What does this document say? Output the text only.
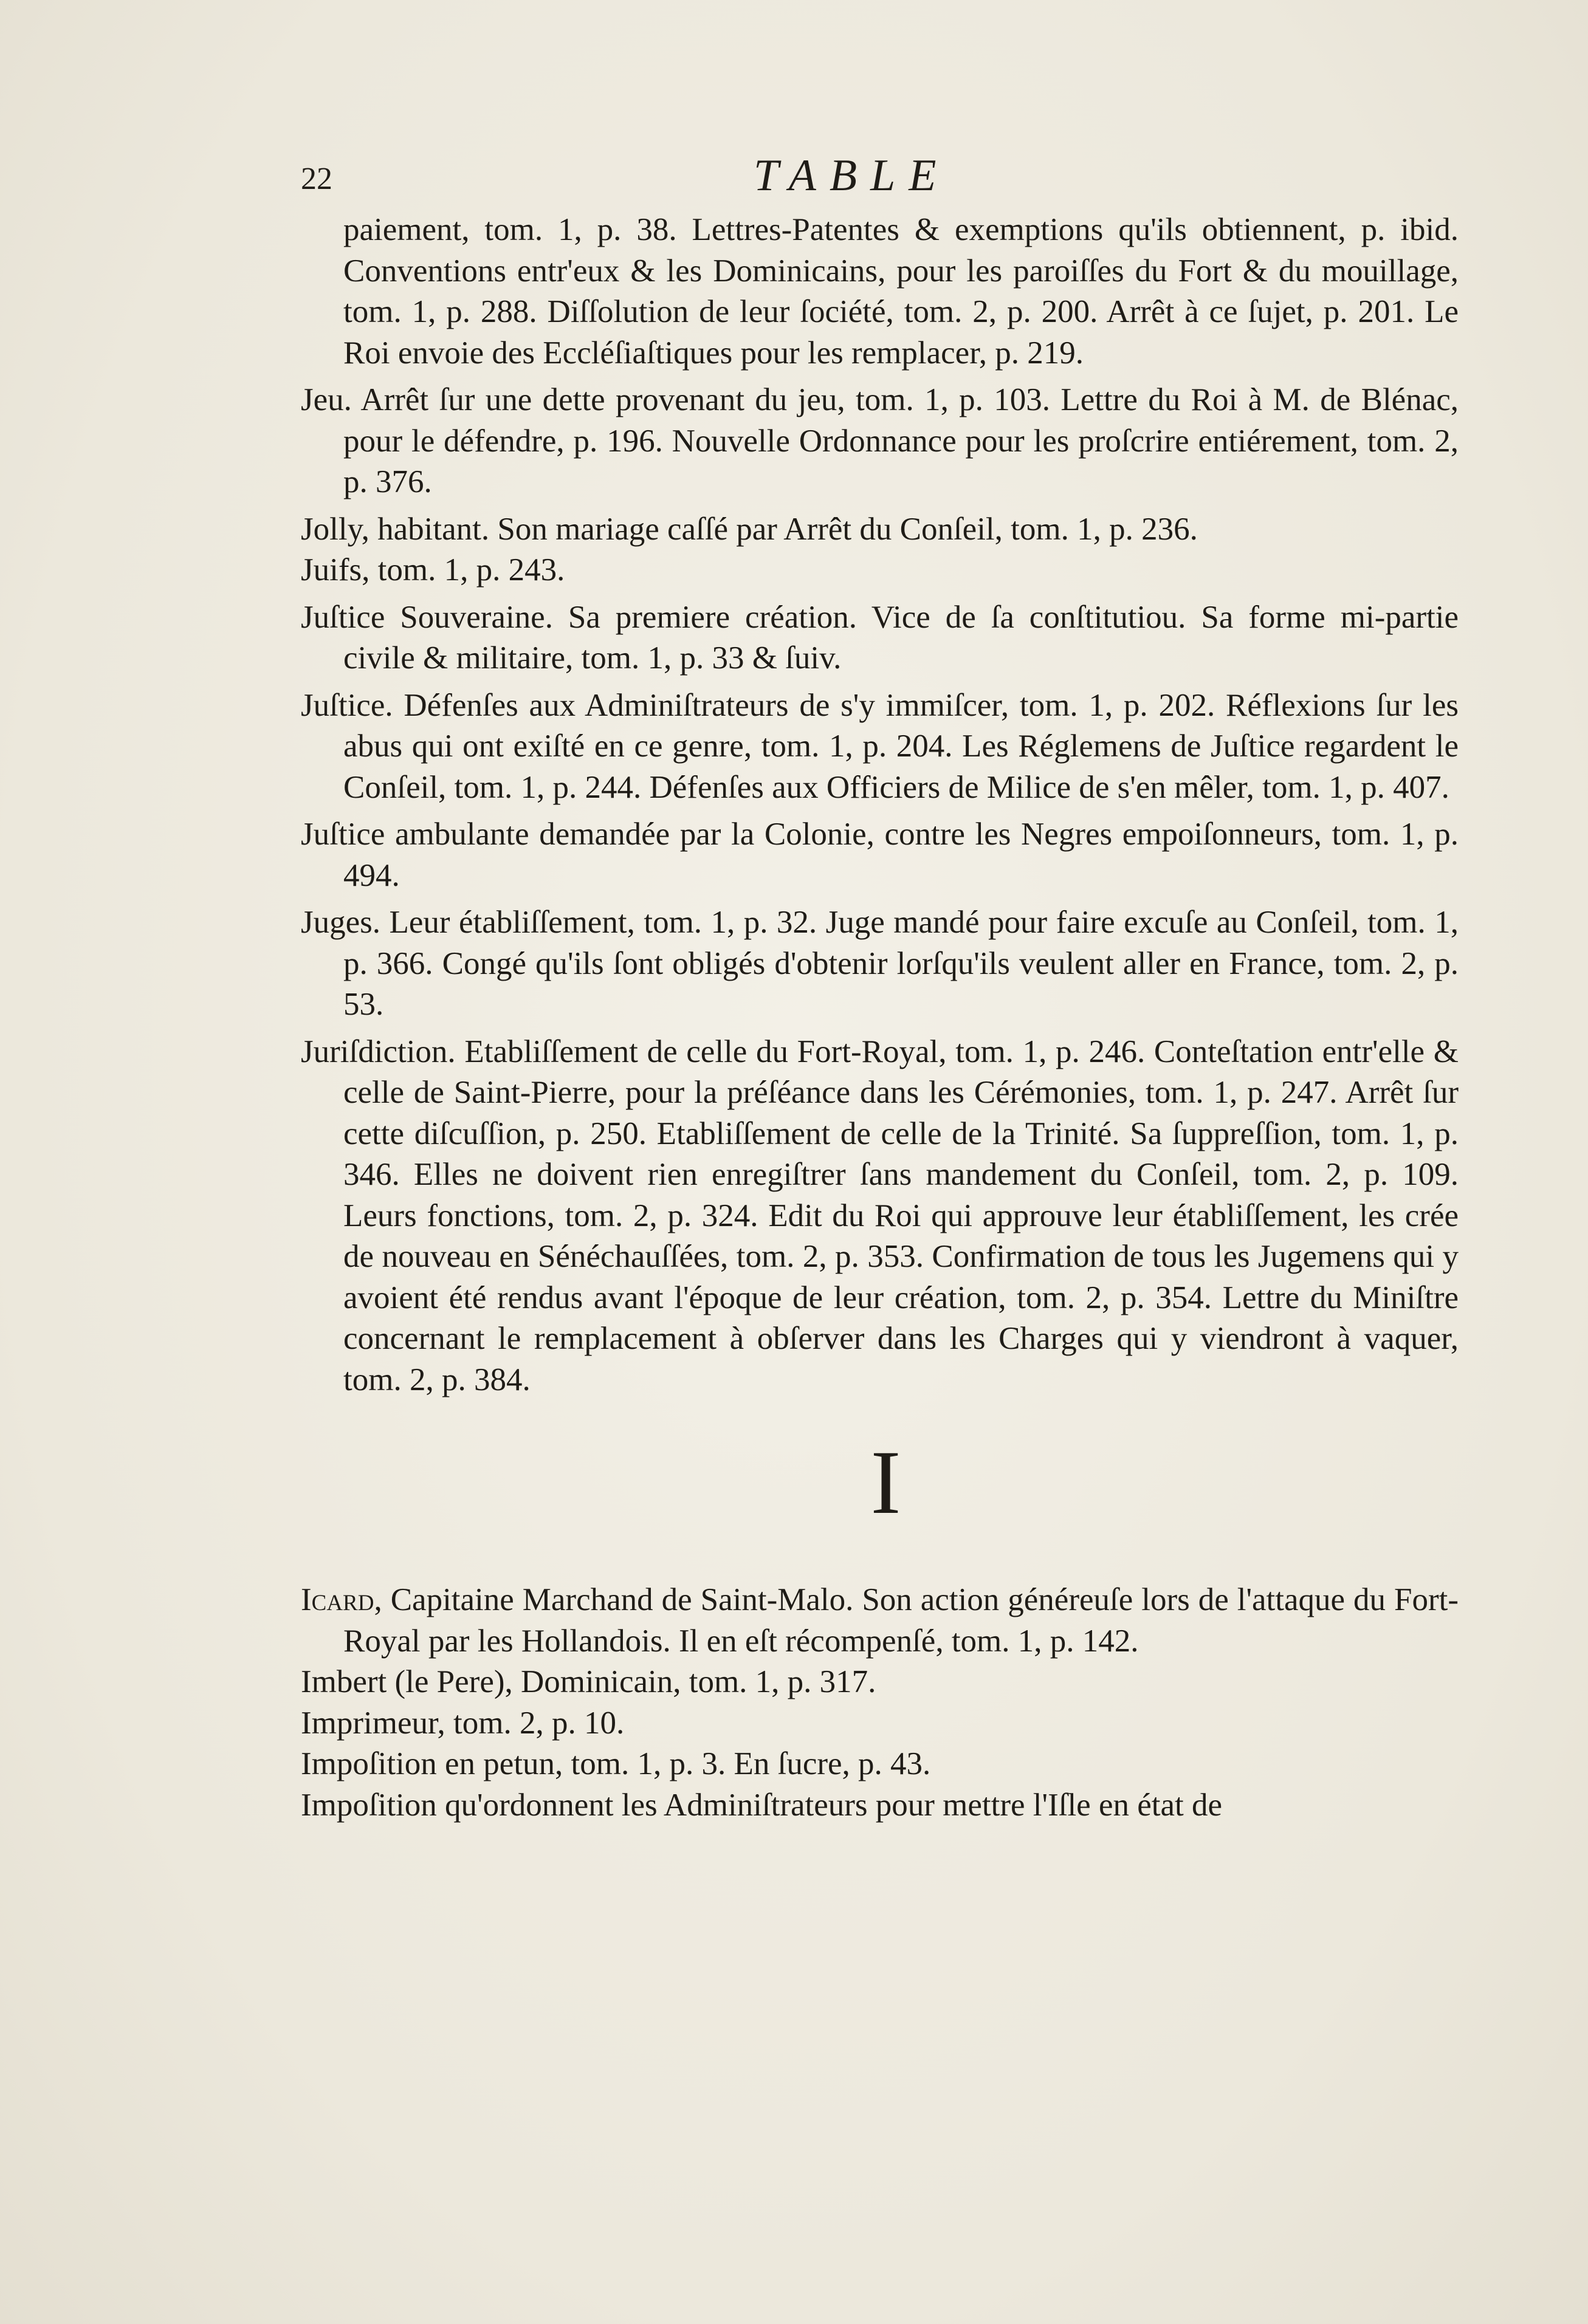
22	TABLE

paiement, tom. 1, p. 38. Lettres-Patentes & exemptions qu'ils obtiennent, p. ibid. Conventions entr'eux & les Dominicains, pour les paroiſſes du Fort & du mouillage, tom. 1, p. 288. Diſſolution de leur ſociété, tom. 2, p. 200. Arrêt à ce ſujet, p. 201. Le Roi envoie des Eccléſiaſtiques pour les remplacer, p. 219.

Jeu. Arrêt ſur une dette provenant du jeu, tom. 1, p. 103. Lettre du Roi à M. de Blénac, pour le défendre, p. 196. Nouvelle Ordonnance pour les proſcrire entiérement, tom. 2, p. 376.

Jolly, habitant. Son mariage caſſé par Arrêt du Conſeil, tom. 1, p. 236.

Juifs, tom. 1, p. 243.

Juſtice Souveraine. Sa premiere création. Vice de ſa conſtitutiou. Sa forme mi-partie civile & militaire, tom. 1, p. 33 & ſuiv.

Juſtice. Défenſes aux Adminiſtrateurs de s'y immiſcer, tom. 1, p. 202. Réflexions ſur les abus qui ont exiſté en ce genre, tom. 1, p. 204. Les Réglemens de Juſtice regardent le Conſeil, tom. 1, p. 244. Défenſes aux Officiers de Milice de s'en mêler, tom. 1, p. 407.

Juſtice ambulante demandée par la Colonie, contre les Negres empoiſonneurs, tom. 1, p. 494.

Juges. Leur établiſſement, tom. 1, p. 32. Juge mandé pour faire excuſe au Conſeil, tom. 1, p. 366. Congé qu'ils ſont obligés d'obtenir lorſqu'ils veulent aller en France, tom. 2, p. 53.

Juriſdiction. Etabliſſement de celle du Fort-Royal, tom. 1, p. 246. Conteſtation entr'elle & celle de Saint-Pierre, pour la préſéance dans les Cérémonies, tom. 1, p. 247. Arrêt ſur cette diſcuſſion, p. 250. Etabliſſement de celle de la Trinité. Sa ſuppreſſion, tom. 1, p. 346. Elles ne doivent rien enregiſtrer ſans mandement du Conſeil, tom. 2, p. 109. Leurs fonctions, tom. 2, p. 324. Edit du Roi qui approuve leur établiſſement, les crée de nouveau en Sénéchauſſées, tom. 2, p. 353. Confirmation de tous les Jugemens qui y avoient été rendus avant l'époque de leur création, tom. 2, p. 354. Lettre du Miniſtre concernant le remplacement à obſerver dans les Charges qui y viendront à vaquer, tom. 2, p. 384.

I

Icard, Capitaine Marchand de Saint-Malo. Son action généreuſe lors de l'attaque du Fort-Royal par les Hollandois. Il en eſt récompenſé, tom. 1, p. 142.

Imbert (le Pere), Dominicain, tom. 1, p. 317.

Imprimeur, tom. 2, p. 10.

Impoſition en petun, tom. 1, p. 3. En ſucre, p. 43.

Impoſition qu'ordonnent les Adminiſtrateurs pour mettre l'Iſle en état de
